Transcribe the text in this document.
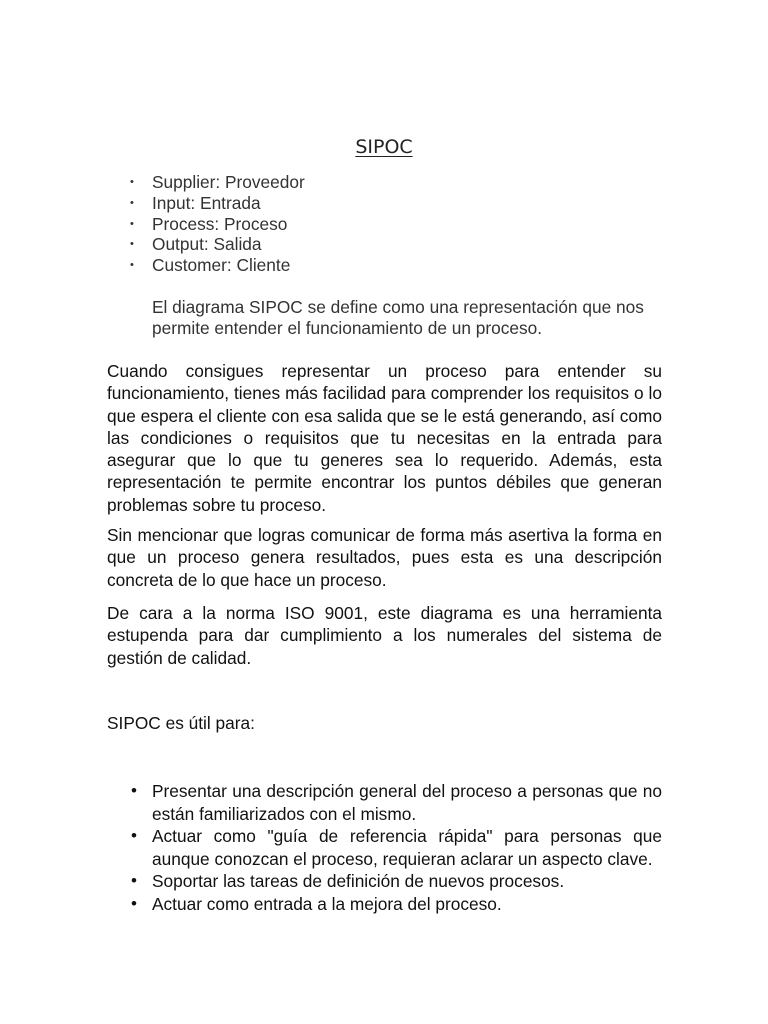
SIPOC
• Supplier: Proveedor
• Input: Entrada
• Process: Proceso
• Output: Salida
• Customer: Cliente

El diagrama SIPOC se define como una representación que nos permite entender el funcionamiento de un proceso.

Cuando consigues representar un proceso para entender su funcionamiento, tienes más facilidad para comprender los requisitos o lo que espera el cliente con esa salida que se le está generando, así como las condiciones o requisitos que tu necesitas en la entrada para asegurar que lo que tu generes sea lo requerido. Además, esta representación te permite encontrar los puntos débiles que generan problemas sobre tu proceso.

Sin mencionar que logras comunicar de forma más asertiva la forma en que un proceso genera resultados, pues esta es una descripción concreta de lo que hace un proceso.

De cara a la norma ISO 9001, este diagrama es una herramienta estupenda para dar cumplimiento a los numerales del sistema de gestión de calidad.

SIPOC es útil para:

• Presentar una descripción general del proceso a personas que no están familiarizados con el mismo.
• Actuar como "guía de referencia rápida" para personas que aunque conozcan el proceso, requieran aclarar un aspecto clave.
• Soportar las tareas de definición de nuevos procesos.
• Actuar como entrada a la mejora del proceso.
